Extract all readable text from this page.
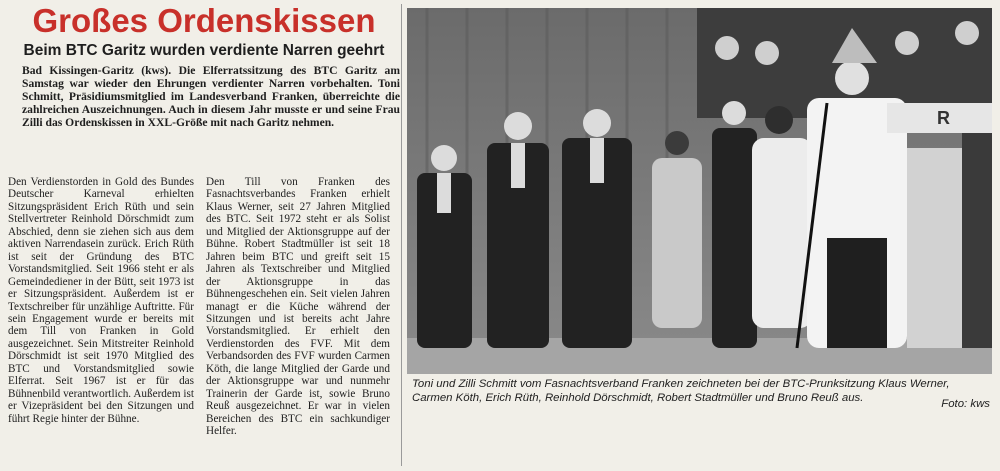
Großes Ordenskissen
Beim BTC Garitz wurden verdiente Narren geehrt

Bad Kissingen-Garitz (kws). Die Elferratssitzung des BTC Garitz am Samstag war wieder den Ehrungen verdienter Narren vorbehalten. Toni Schmitt, Präsidiumsmitglied im Landesverband Franken, überreichte die zahlreichen Auszeichnungen. Auch in diesem Jahr musste er und seine Frau Zilli das Ordenskissen in XXL-Größe mit nach Garitz nehmen.

Den Verdienstorden in Gold des Bundes Deutscher Karneval erhielten Sitzungspräsident Erich Rüth und sein Stellvertreter Reinhold Dörschmidt zum Abschied, denn sie ziehen sich aus dem aktiven Narrendasein zurück. Erich Rüth ist seit der Gründung des BTC Vorstandsmitglied. Seit 1966 steht er als Gemeindediener in der Bütt, seit 1973 ist er Sitzungspräsident. Außerdem ist er Textschreiber für unzählige Auftritte. Für sein Engagement wurde er bereits mit dem Till von Franken in Gold ausgezeichnet. Sein Mitstreiter Reinhold Dörschmidt ist seit 1970 Mitglied des BTC und Vorstandsmitglied sowie Elferrat. Seit 1967 ist er für das Bühnenbild verantwortlich. Außerdem ist er Vizepräsident bei den Sitzungen und führt Regie hinter der Bühne.

Den Till von Franken des Fasnachtsverbandes Franken erhielt Klaus Werner, seit 27 Jahren Mitglied des BTC. Seit 1972 steht er als Solist und Mitglied der Aktionsgruppe auf der Bühne. Robert Stadtmüller ist seit 18 Jahren beim BTC und greift seit 15 Jahren als Textschreiber und Mitglied der Aktionsgruppe in das Bühnengeschehen ein. Seit vielen Jahren managt er die Küche während der Sitzungen und ist bereits acht Jahre Vorstandsmitglied. Er erhielt den Verdienstorden des FVF. Mit dem Verbandsorden des FVF wurden Carmen Köth, die lange Mitglied der Garde und der Aktionsgruppe war und nunmehr Trainerin der Garde ist, sowie Bruno Reuß ausgezeichnet. Er war in vielen Bereichen des BTC ein sachkundiger Helfer.

R

Toni und Zilli Schmitt vom Fasnachtsverband Franken zeichneten bei der BTC-Prunksitzung Klaus Werner, Carmen Köth, Erich Rüth, Reinhold Dörschmidt, Robert Stadtmüller und Bruno Reuß aus.

Foto: kws
